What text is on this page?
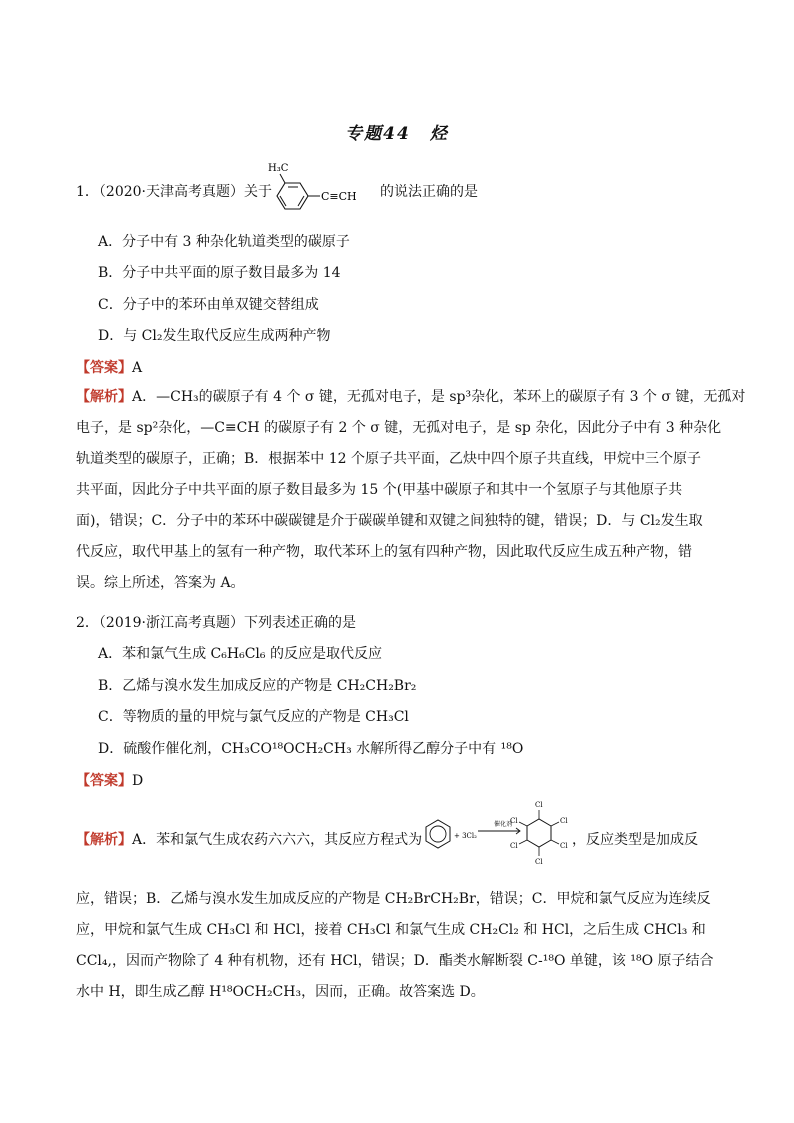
专题44　烃
1．（2020·天津高考真题）关于
H₃C
C≡CH 的说法正确的是
A．分子中有 3 种杂化轨道类型的碳原子
B．分子中共平面的原子数目最多为 14
C．分子中的苯环由单双键交替组成
D．与 Cl₂发生取代反应生成两种产物
【答案】A

【解析】A．—CH₃的碳原子有 4 个 σ 键，无孤对电子，是 sp³杂化，苯环上的碳原子有 3 个 σ 键，无孤对

电子，是 sp²杂化，—C≡CH 的碳原子有 2 个 σ 键，无孤对电子，是 sp 杂化，因此分子中有 3 种杂化

轨道类型的碳原子，正确；B．根据苯中 12 个原子共平面，乙炔中四个原子共直线，甲烷中三个原子

共平面，因此分子中共平面的原子数目最多为 15 个(甲基中碳原子和其中一个氢原子与其他原子共

面)，错误；C．分子中的苯环中碳碳键是介于碳碳单键和双键之间独特的键，错误；D．与 Cl₂发生取

代反应，取代甲基上的氢有一种产物，取代苯环上的氢有四种产物，因此取代反应生成五种产物，错

误。综上所述，答案为 A。

2．（2019·浙江高考真题）下列表述正确的是
A．苯和氯气生成 C₆H₆Cl₆ 的反应是取代反应
B．乙烯与溴水发生加成反应的产物是 CH₂CH₂Br₂
C．等物质的量的甲烷与氯气反应的产物是 CH₃Cl
D．硫酸作催化剂，CH₃CO¹⁸OCH₂CH₃ 水解所得乙醇分子中有 ¹⁸O
【答案】D
【解析】A．苯和氯气生成农药六六六，其反应方程式为	+ 3Cl₂
催化剂
Cl
Cl
Cl
Cl
Cl
Cl
，反应类型是加成反

应，错误；B．乙烯与溴水发生加成反应的产物是 CH₂BrCH₂Br，错误；C．甲烷和氯气反应为连续反

应，甲烷和氯气生成 CH₃Cl 和 HCl，接着 CH₃Cl 和氯气生成 CH₂Cl₂ 和 HCl，之后生成 CHCl₃ 和

CCl₄,，因而产物除了 4 种有机物，还有 HCl，错误；D．酯类水解断裂 C-¹⁸O 单键，该 ¹⁸O 原子结合

水中 H，即生成乙醇 H¹⁸OCH₂CH₃，因而，正确。故答案选 D。
